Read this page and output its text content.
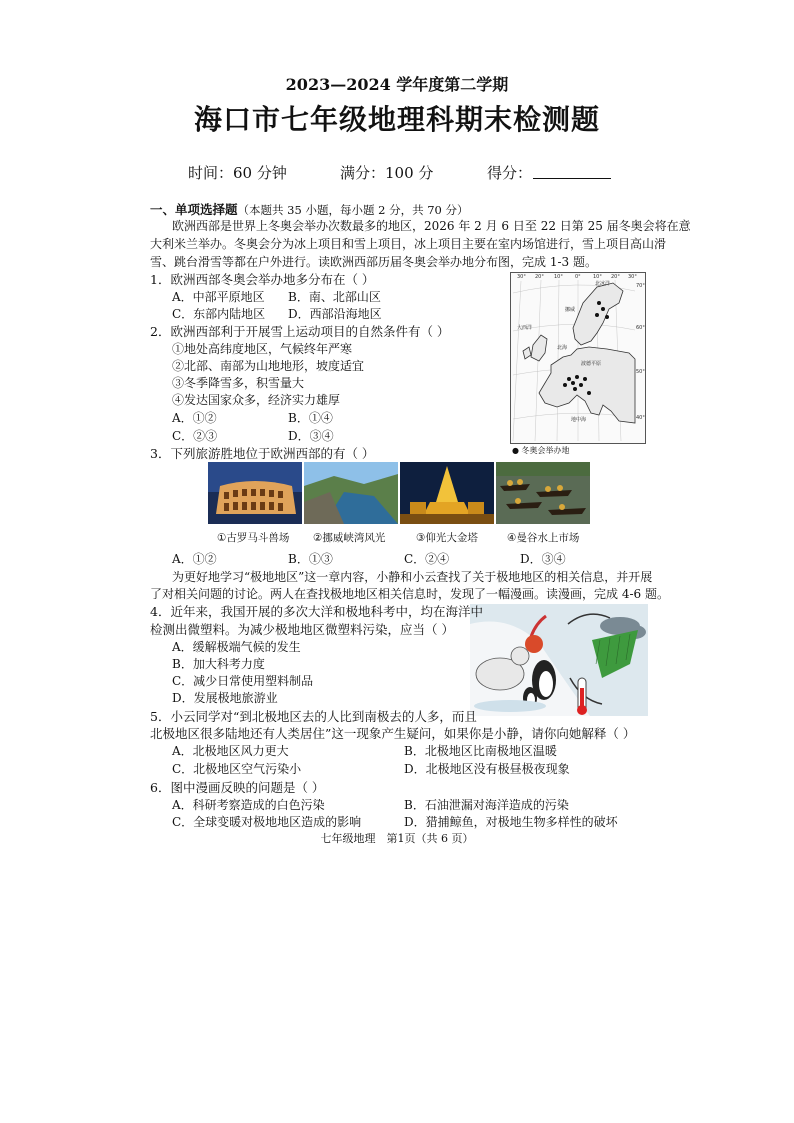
2023—2024 学年度第二学期
海口市七年级地理科期末检测题
时间：60 分钟	满分：100 分	得分：
一、单项选择题（本题共 35 小题，每小题 2 分，共 70 分）
欧洲西部是世界上冬奥会举办次数最多的地区，2026 年 2 月 6 日至 22 日第 25 届冬奥会将在意
大利米兰举办。冬奥会分为冰上项目和雪上项目，冰上项目主要在室内场馆进行，雪上项目高山滑
雪、跳台滑雪等都在户外进行。读欧洲西部历届冬奥会举办地分布图，完成 1-3 题。
30° 20° 10° 0° 10° 20° 30°
70°
60°
50°
40°
北冰洋
大西洋
挪威
北海
波德平原
地中海
● 冬奥会举办地
1．欧洲西部冬奥会举办地多分布在（ ）
A．中部平原地区 B．南、北部山区
C．东部内陆地区 D．西部沿海地区
2．欧洲西部利于开展雪上运动项目的自然条件有（ ）
①地处高纬度地区，气候终年严寒
②北部、南部为山地地形，坡度适宜
③冬季降雪多，积雪量大
④发达国家众多，经济实力雄厚
A．①②	B．①④
C．②③	D．③④
3．下列旅游胜地位于欧洲西部的有（ ）
①古罗马斗兽场 ②挪威峡湾风光	③仰光大金塔	④曼谷水上市场
A．①②	B．①③	C．②④	D．③④
为更好地学习“极地地区”这一章内容，小静和小云查找了关于极地地区的相关信息，并开展
了对相关问题的讨论。两人在查找极地地区相关信息时，发现了一幅漫画。读漫画，完成 4-6 题。
4．近年来，我国开展的多次大洋和极地科考中，均在海洋中
检测出微塑料。为减少极地地区微塑料污染，应当（ ）
A．缓解极端气候的发生
B．加大科考力度
C．减少日常使用塑料制品
D．发展极地旅游业
5．小云同学对“到北极地区去的人比到南极去的人多，而且
北极地区很多陆地还有人类居住”这一现象产生疑问，如果你是小静，请你向她解释（ ）
A．北极地区风力更大	B．北极地区比南极地区温暖
C．北极地区空气污染小	D．北极地区没有极昼极夜现象
6．图中漫画反映的问题是（ ）
A．科研考察造成的白色污染	B．石油泄漏对海洋造成的污染
C．全球变暖对极地地区造成的影响	D．猎捕鲸鱼，对极地生物多样性的破坏
七年级地理　第1页（共 6 页）
